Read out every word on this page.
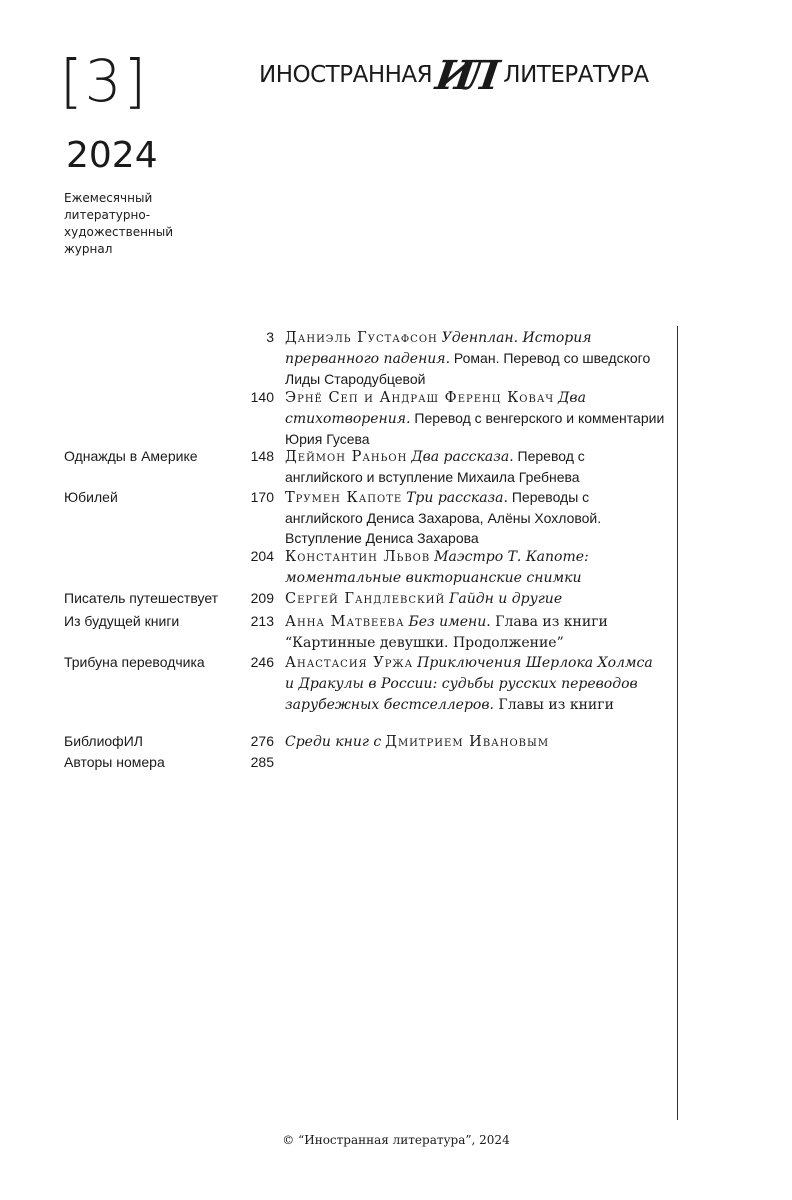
[3]
2024
Ежемесячный литературно-художественный журнал
ИНОСТРАННАЯ ИЛ ЛИТЕРАТУРА
3 Даниэль Густафсон Уденплан. История прерванного падения. Роман. Перевод со шведского Лиды Стародубцевой
140 Эрнё Сеп и Андраш Ференц Ковач Два стихотворения. Перевод с венгерского и комментарии Юрия Гусева
Однажды в Америке	148 Деймон Раньон Два рассказа. Перевод с английского и вступление Михаила Гребнева
Юбилей	170 Трумен Капоте Три рассказа. Переводы с английского Дениса Захарова, Алёны Хохловой. Вступление Дениса Захарова
204 Константин Львов Маэстро Т. Капоте: моментальные викторианские снимки
Писатель путешествует	209 Сергей Гандлевский Гайдн и другие
Из будущей книги	213 Анна Матвеева Без имени. Глава из книги “Картинные девушки. Продолжение”
Трибуна переводчика	246 Анастасия Уржа Приключения Шерлока Холмса и Дракулы в России: судьбы русских переводов зарубежных бестселлеров. Главы из книги
БиблиофИЛ	276 Среди книг с Дмитрием Ивановым
Авторы номера	285
© “Иностранная литература”, 2024
